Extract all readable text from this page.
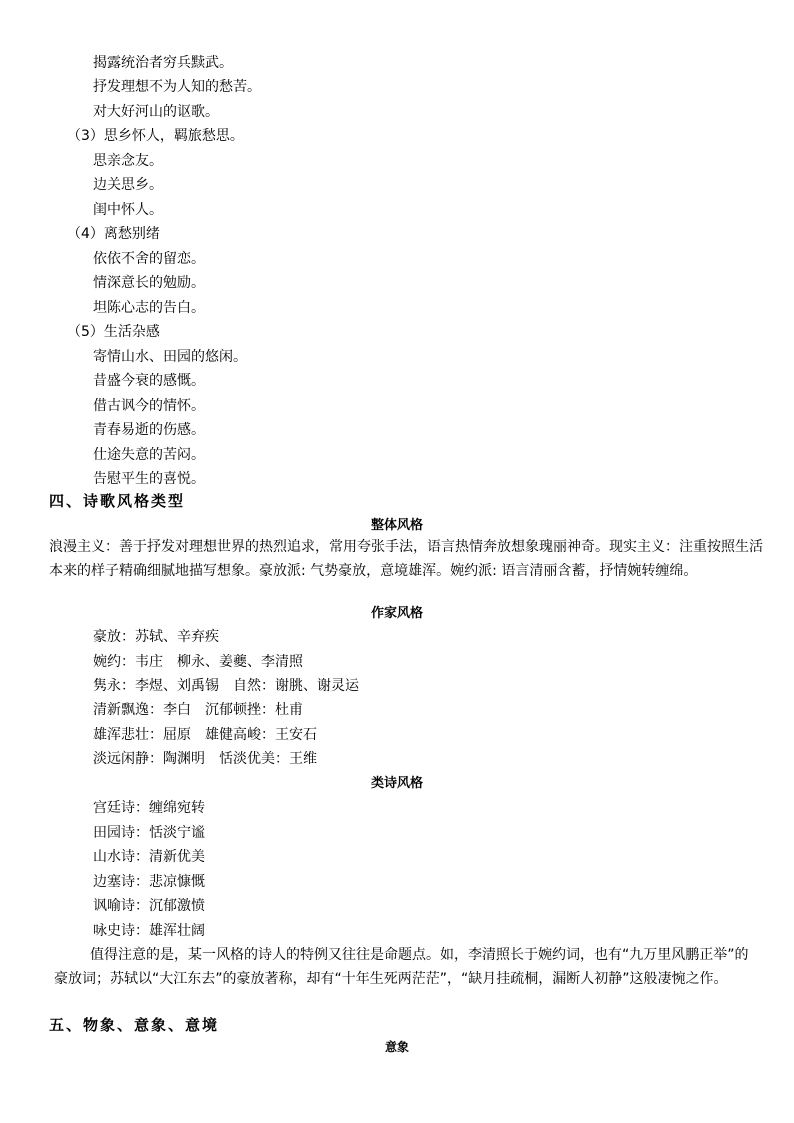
揭露统治者穷兵黩武。
抒发理想不为人知的愁苦。
对大好河山的讴歌。
（3）思乡怀人，羁旅愁思。
思亲念友。
边关思乡。
闺中怀人。
（4）离愁别绪
依依不舍的留恋。
情深意长的勉励。
坦陈心志的告白。
（5）生活杂感
寄情山水、田园的悠闲。
昔盛今衰的感慨。
借古讽今的情怀。
青春易逝的伤感。
仕途失意的苦闷。
告慰平生的喜悦。
四、诗歌风格类型
整体风格
浪漫主义：善于抒发对理想世界的热烈追求，常用夸张手法，语言热情奔放想象瑰丽神奇。现实主义：注重按照生活本来的样子精确细腻地描写想象。豪放派: 气势豪放，意境雄浑。婉约派: 语言清丽含蓄，抒情婉转缠绵。
作家风格
豪放：苏轼、辛弃疾
婉约：韦庄　柳永、姜夔、李清照
隽永：李煜、刘禹锡　自然：谢朓、谢灵运
清新飘逸：李白　沉郁顿挫：杜甫
雄浑悲壮：屈原　雄健高峻：王安石
淡远闲静：陶渊明　恬淡优美：王维
类诗风格
宫廷诗：缠绵宛转
田园诗：恬淡宁谧
山水诗：清新优美
边塞诗：悲凉慷慨
讽喻诗：沉郁激愤
咏史诗：雄浑壮阔
值得注意的是，某一风格的诗人的特例又往往是命题点。如，李清照长于婉约词，也有“九万里风鹏正举”的豪放词；苏轼以“大江东去”的豪放著称，却有“十年生死两茫茫”，“缺月挂疏桐，漏断人初静”这般凄惋之作。
五、物象、意象、意境
意象
